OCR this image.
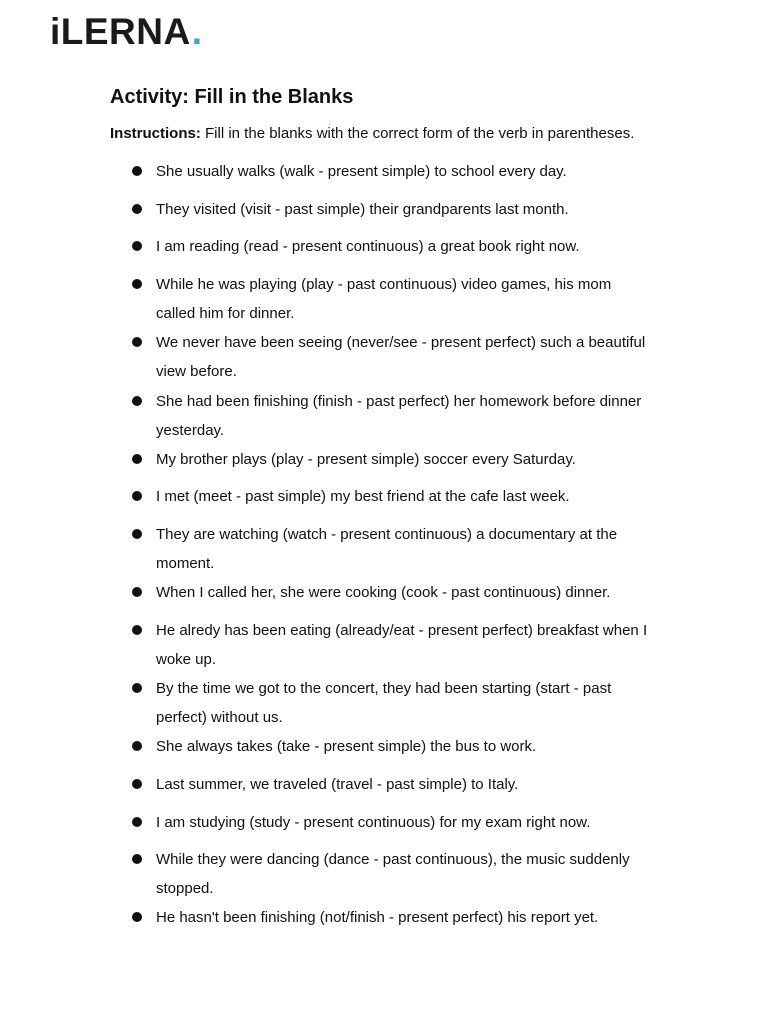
iLERNA .
Activity: Fill in the Blanks

Instructions: Fill in the blanks with the correct form of the verb in parentheses.

She usually walks (walk - present simple) to school every day.
They visited (visit - past simple) their grandparents last month.
I am reading (read - present continuous) a great book right now.
While he was playing (play - past continuous) video games, his mom called him for dinner.
We never have been seeing (never/see - present perfect) such a beautiful view before.
She had been finishing (finish - past perfect) her homework before dinner yesterday.
My brother plays (play - present simple) soccer every Saturday.
I met (meet - past simple) my best friend at the cafe last week.
They are watching (watch - present continuous) a documentary at the moment.
When I called her, she were cooking (cook - past continuous) dinner.
He alredy has been eating (already/eat - present perfect) breakfast when I woke up.
By the time we got to the concert, they had been starting (start - past perfect) without us.
She always takes (take - present simple) the bus to work.
Last summer, we traveled (travel - past simple) to Italy.
I am studying (study - present continuous) for my exam right now.
While they were dancing (dance - past continuous), the music suddenly stopped.
He hasn't been finishing (not/finish - present perfect) his report yet.
